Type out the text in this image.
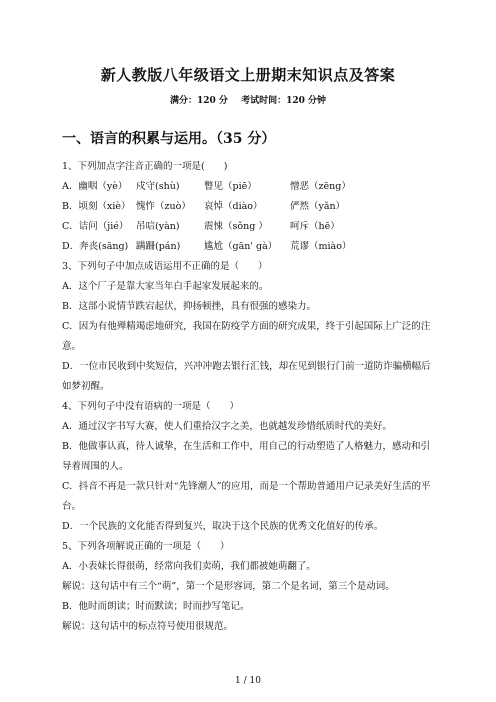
新人教版八年级语文上册期末知识点及答案
满分：120 分 考试时间：120 分钟
一、语言的积累与运用。（35 分）
1、下列加点字注音正确的一项是(　　)
A．幽咽（yè） 戍守(shù)	瞥见（piē）	憎恶（zēng）
B．顷刻（xiè） 愧怍（zuò）	哀悼（diào）	俨然（yǎn）
C．诘问（jié） 吊唁(yàn)	震悚（sǒng ）	呵斥（hē）
D．奔丧(sāng) 蹒跚(pán)	尴尬（gān' gà）	荒谬（miào）
3、下列句子中加点成语运用不正确的是（　　）
A．这个厂子是靠大家当年白手起家发展起来的。
B．这部小说情节跌宕起伏，抑扬顿挫，具有很强的感染力。
C．因为有他殚精竭虑地研究，我国在防疫学方面的研究成果，终于引起国际上广泛的注意。
D．一位市民收到中奖短信，兴冲冲跑去银行汇钱，却在见到银行门前一道防诈骗横幅后如梦初醒。
4、下列句子中没有语病的一项是（　　）
A．通过汉字书写大赛，使人们重拾汉字之美，也就越发珍惜纸质时代的美好。
B．他做事认真，待人诚挚，在生活和工作中，用自己的行动塑造了人格魅力，感动和引导着周围的人。
C．抖音不再是一款只针对“先锋潮人”的应用，而是一个帮助普通用户记录美好生活的平台。
D．一个民族的文化能否得到复兴，取决于这个民族的优秀文化值好的传承。
5、下列各项解说正确的一项是（　　）
A．小表妹长得很萌，经常向我们卖萌，我们都被她萌翻了。
解说：这句话中有三个“萌”，第一个是形容词，第二个是名词，第三个是动词。
B．他时而朗读；时而默读；时而抄写笔记。
解说：这句话中的标点符号使用很规范。
1 / 10
